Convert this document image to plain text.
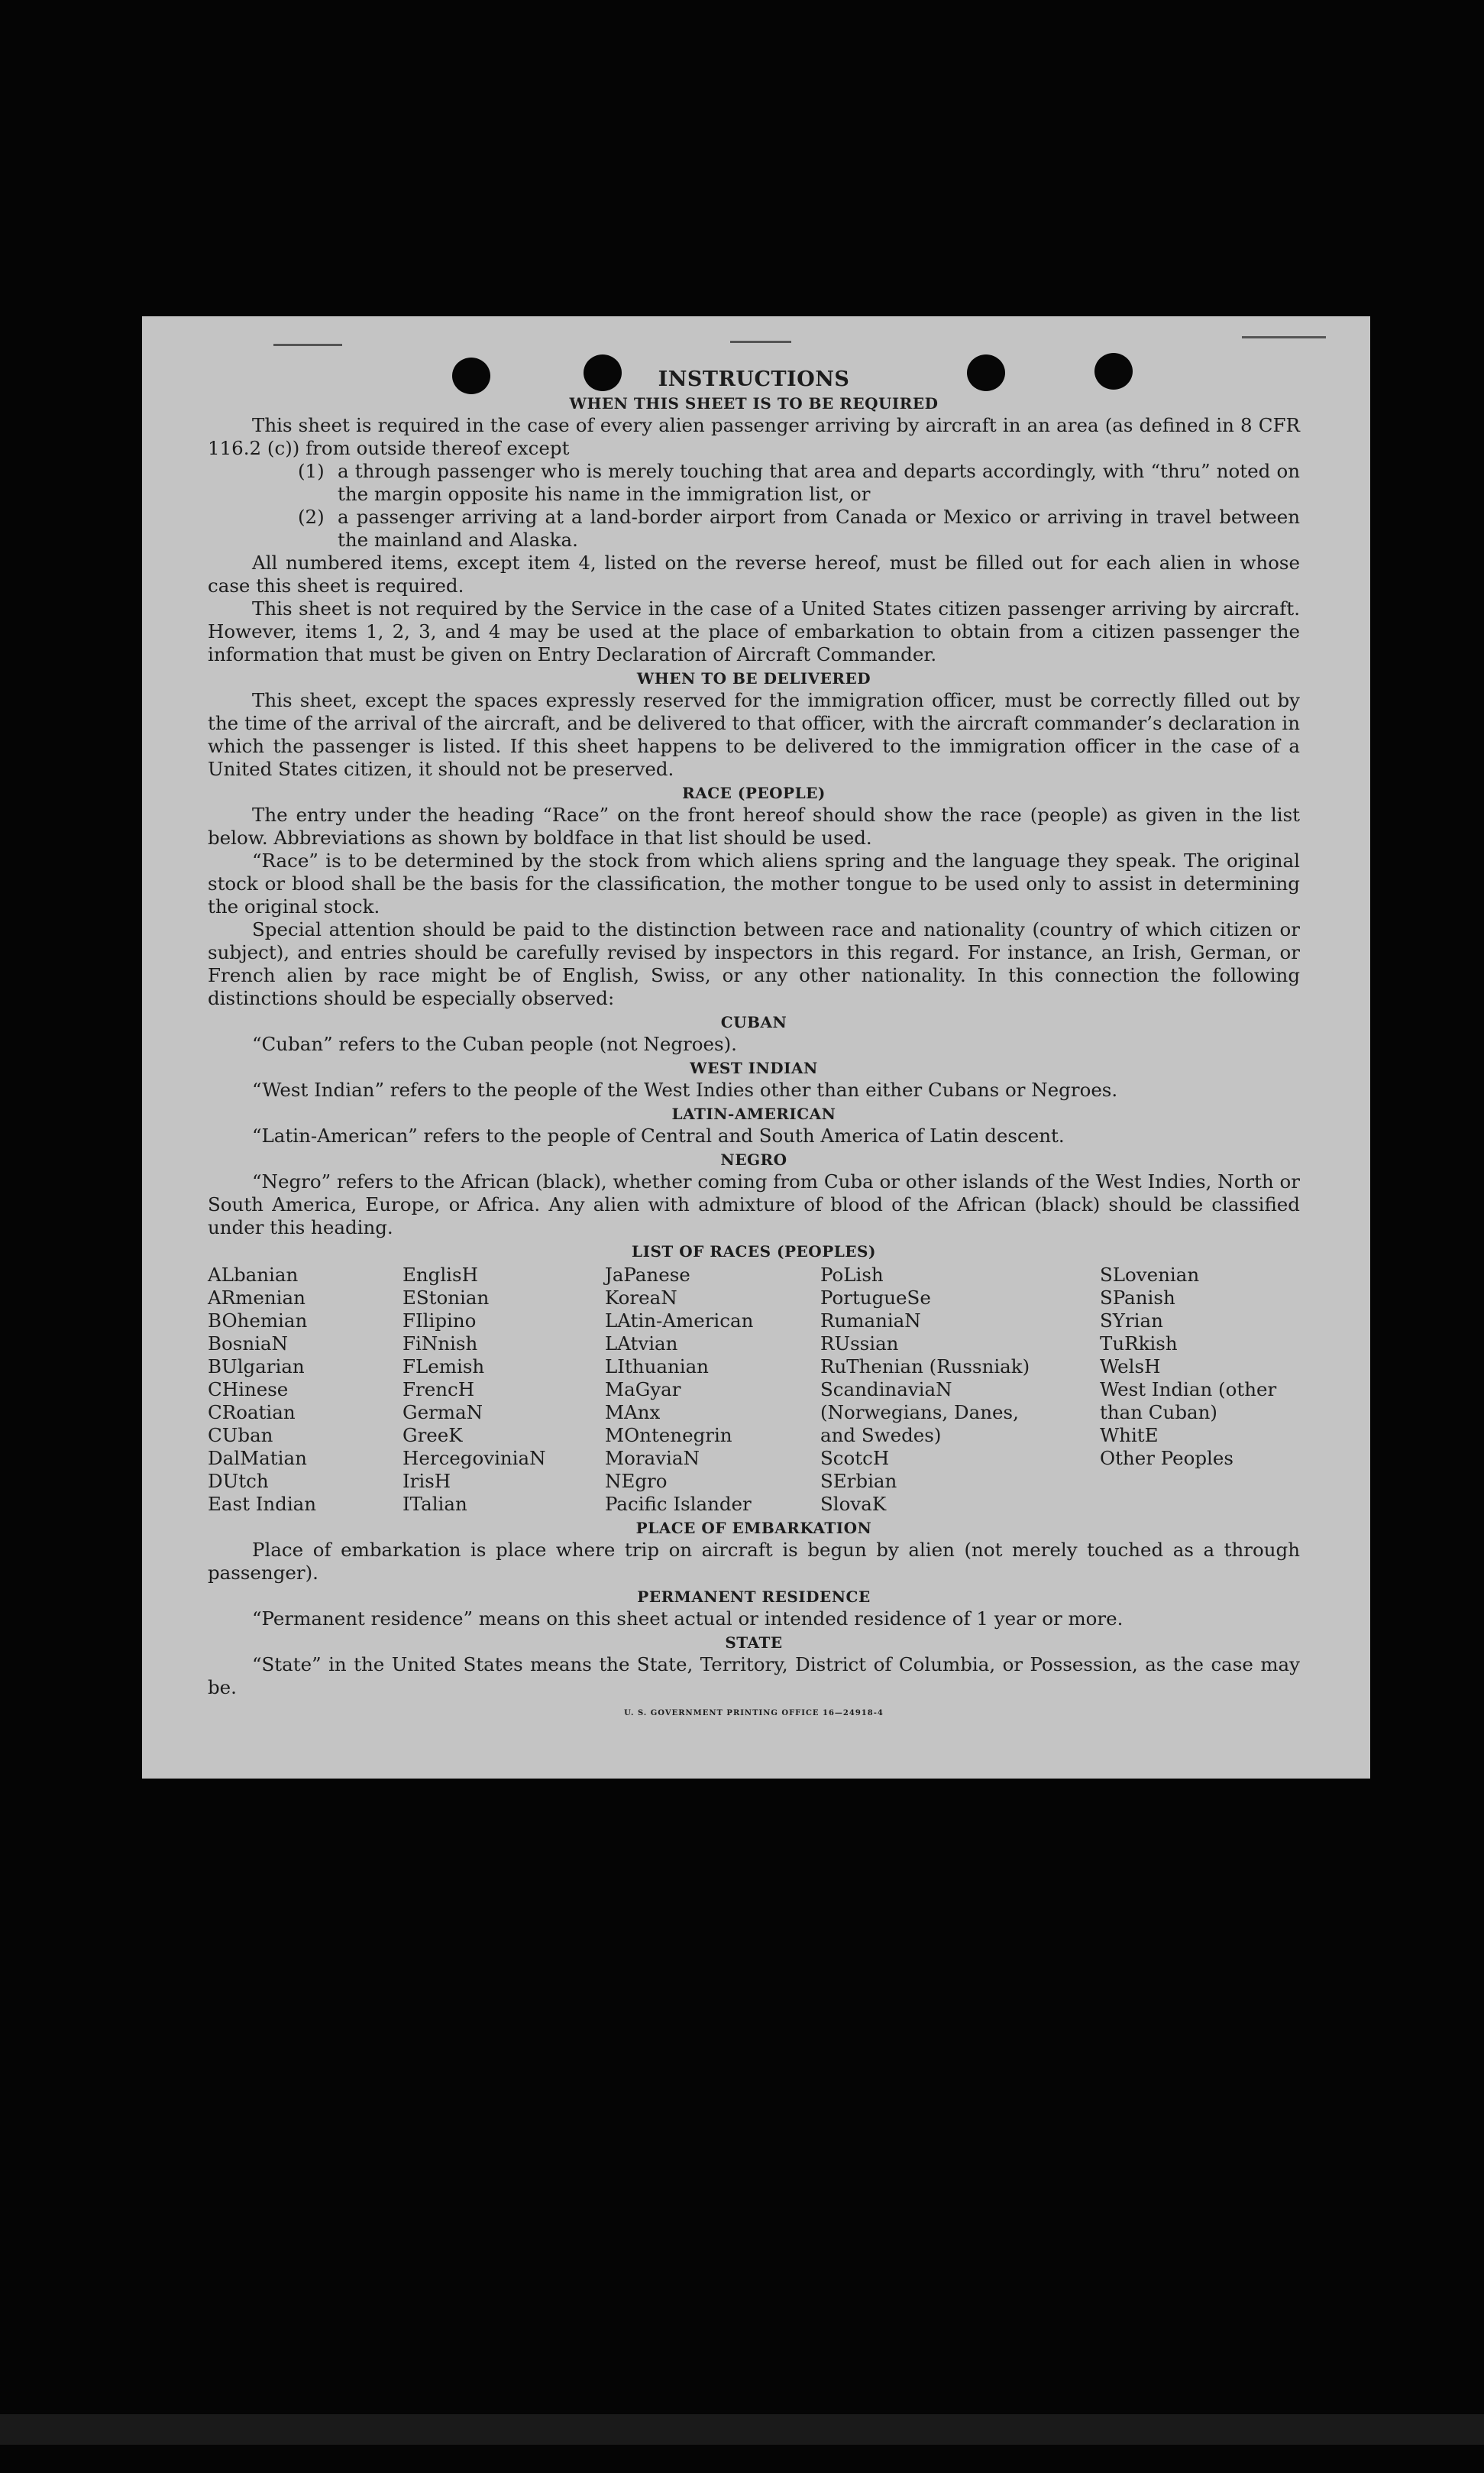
INSTRUCTIONS
WHEN THIS SHEET IS TO BE REQUIRED

This sheet is required in the case of every alien passenger arriving by aircraft in an area (as defined in 8 CFR 116.2 (c)) from outside thereof except

(1) a through passenger who is merely touching that area and departs accordingly, with “thru” noted on the margin opposite his name in the immigration list, or
(2) a passenger arriving at a land-border airport from Canada or Mexico or arriving in travel between the mainland and Alaska.

All numbered items, except item 4, listed on the reverse hereof, must be filled out for each alien in whose case this sheet is required.

This sheet is not required by the Service in the case of a United States citizen passenger arriving by aircraft. However, items 1, 2, 3, and 4 may be used at the place of embarkation to obtain from a citizen passenger the information that must be given on Entry Declaration of Aircraft Commander.

WHEN TO BE DELIVERED

This sheet, except the spaces expressly reserved for the immigration officer, must be correctly filled out by the time of the arrival of the aircraft, and be delivered to that officer, with the aircraft commander’s declaration in which the passenger is listed. If this sheet happens to be delivered to the immigration officer in the case of a United States citizen, it should not be preserved.

RACE (PEOPLE)

The entry under the heading “Race” on the front hereof should show the race (people) as given in the list below. Abbreviations as shown by boldface in that list should be used.

“Race” is to be determined by the stock from which aliens spring and the language they speak. The original stock or blood shall be the basis for the classification, the mother tongue to be used only to assist in determining the original stock.

Special attention should be paid to the distinction between race and nationality (country of which citizen or subject), and entries should be carefully revised by inspectors in this regard. For instance, an Irish, German, or French alien by race might be of English, Swiss, or any other nationality. In this connection the following distinctions should be especially observed:

CUBAN

“Cuban” refers to the Cuban people (not Negroes).

WEST INDIAN

“West Indian” refers to the people of the West Indies other than either Cubans or Negroes.

LATIN-AMERICAN

“Latin-American” refers to the people of Central and South America of Latin descent.

NEGRO

“Negro” refers to the African (black), whether coming from Cuba or other islands of the West Indies, North or South America, Europe, or Africa. Any alien with admixture of blood of the African (black) should be classified under this heading.

LIST OF RACES (PEOPLES)
ALbanian
ARmenian
BOhemian
BosniaN
BUlgarian
CHinese
CRoatian
CUban
DalMatian
DUtch
East Indian
EnglisH
EStonian
FIlipino
FiNnish
FLemish
FrencH
GermaN
GreeK
HercegoviniaN
IrisH
ITalian
JaPanese
KoreaN
LAtin-American
LAtvian
LIthuanian
MaGyar
MAnx
MOntenegrin
MoraviaN
NEgro
Pacific Islander
PoLish
PortugueSe
RumaniaN
RUssian
RuThenian (Russniak)
ScandinaviaN (Norwegians, Danes, and Swedes)
ScotcH
SErbian
SlovaK
SLovenian
SPanish
SYrian
TuRkish
WelsH
West Indian (other than Cuban)
WhitE
Other Peoples
PLACE OF EMBARKATION

Place of embarkation is place where trip on aircraft is begun by alien (not merely touched as a through passenger).

PERMANENT RESIDENCE

“Permanent residence” means on this sheet actual or intended residence of 1 year or more.

STATE

“State” in the United States means the State, Territory, District of Columbia, or Possession, as the case may be.

U. S. GOVERNMENT PRINTING OFFICE 16—24918-4
